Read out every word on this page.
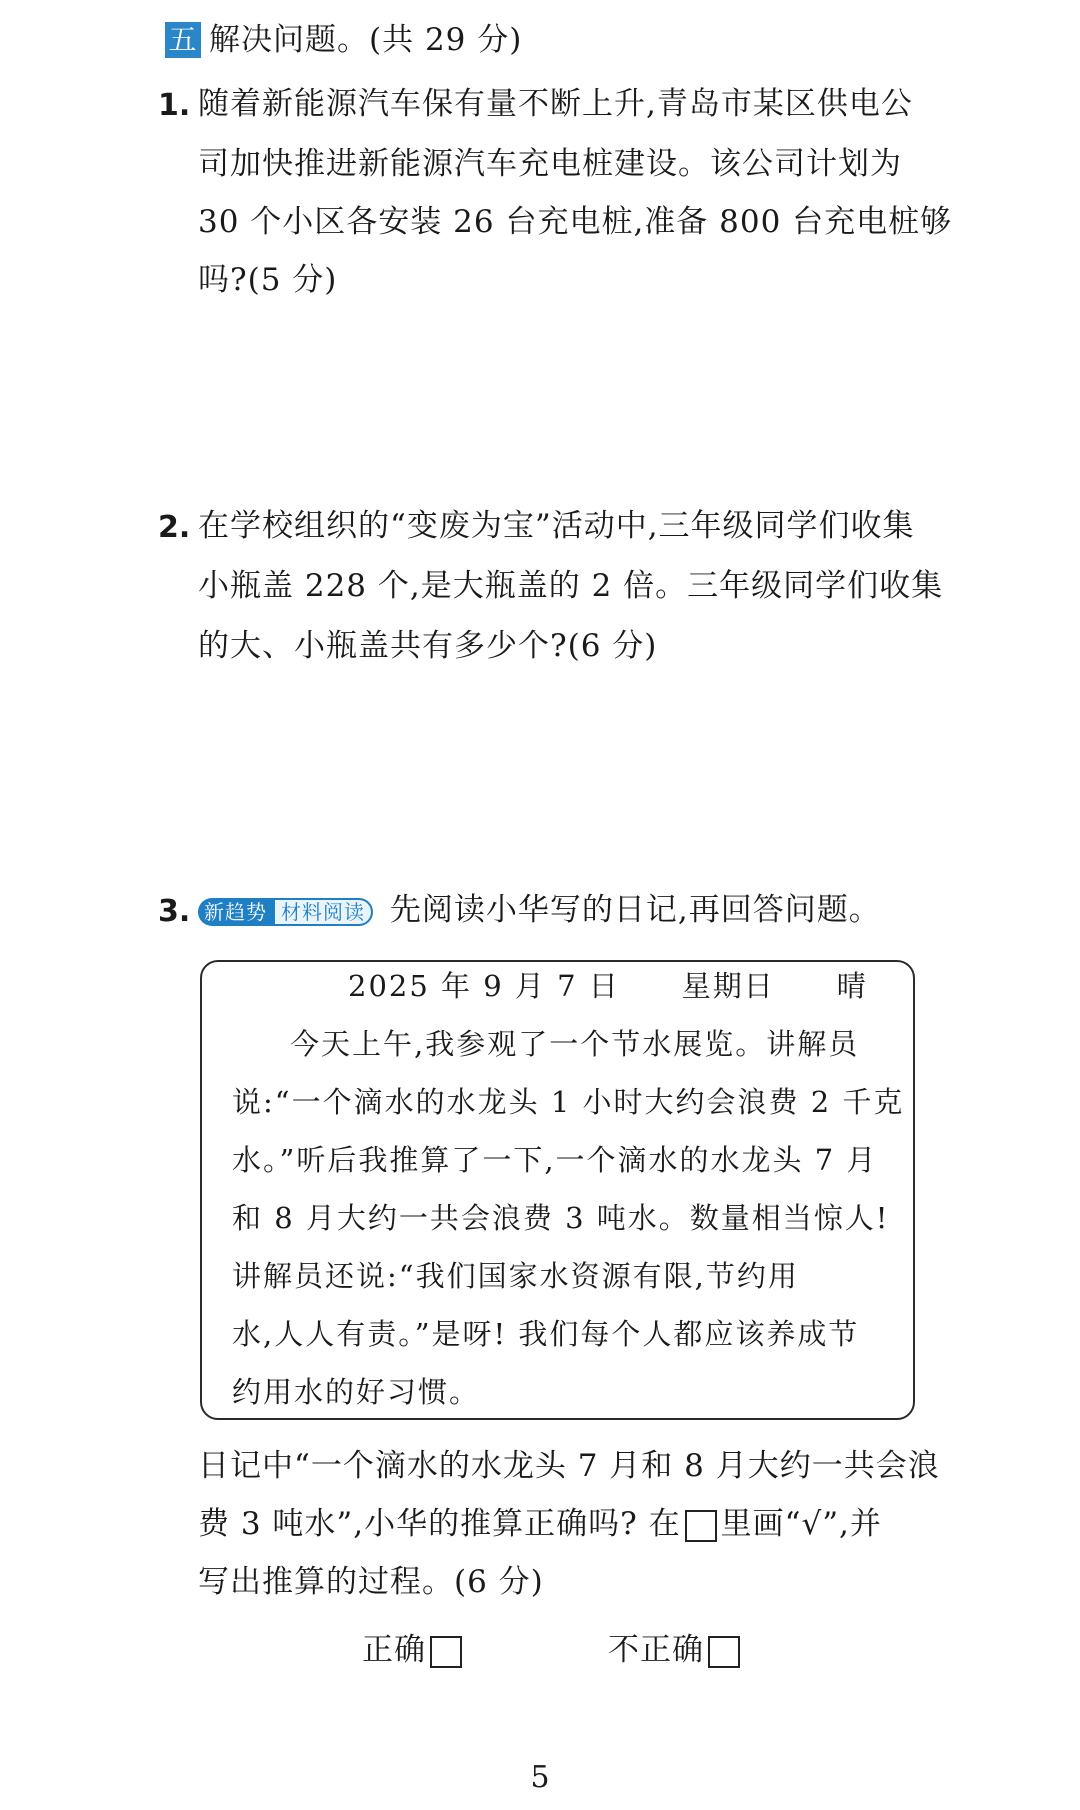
五 解决问题。(共 29 分)
1. 随着新能源汽车保有量不断上升,青岛市某区供电公
司加快推进新能源汽车充电桩建设。该公司计划为
30 个小区各安装 26 台充电桩,准备 800 台充电桩够
吗?(5 分)
2. 在学校组织的“变废为宝”活动中,三年级同学们收集
小瓶盖 228 个,是大瓶盖的 2 倍。三年级同学们收集
的大、小瓶盖共有多少个?(6 分)
3. 新趋势 材料阅读 先阅读小华写的日记,再回答问题。
2025 年 9 月 7 日　　星期日　　晴
今天上午,我参观了一个节水展览。讲解员
说:“一个滴水的水龙头 1 小时大约会浪费 2 千克
水。”听后我推算了一下,一个滴水的水龙头 7 月
和 8 月大约一共会浪费 3 吨水。数量相当惊人!
讲解员还说:“我们国家水资源有限,节约用
水,人人有责。”是呀! 我们每个人都应该养成节
约用水的好习惯。
日记中“一个滴水的水龙头 7 月和 8 月大约一共会浪
费 3 吨水”,小华的推算正确吗? 在 里画“√”,并
写出推算的过程。(6 分)
正确	不正确
5
